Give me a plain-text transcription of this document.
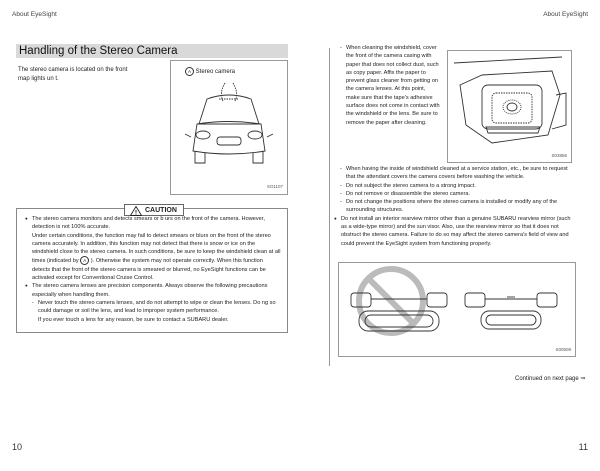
About EyeSight	About EyeSight
Handling of the Stereo Camera
The stereo camera is located on the front map lights un t.
A Stereo camera
SO1107
! CAUTION
● The stereo camera monitors and detects smears or b urs on the front of the camera. However, detection is not 100% accurate.
Under certain conditions, the function may fail to detect smears or blurs on the front of the stereo camera accurately. In addition, this function may not detect that there is snow or ice on the windshield close to the stereo camera. In such conditions, be sure to keep the windshield clean at all times (indicated by A ). Otherwise the system may not operate correctly. When this function detects that the front of the stereo camera is smeared or blurred, no EyeSight functions can be activated except for Conventional Cruise Control.
● The stereo camera lenses are precision components. Always observe the following precautions especially when handling them.
- Never touch the stereo camera lenses, and do not attempt to wipe or clean the lenses. Do ng so could damage or soil the lens, and lead to improper system performance.
If you ever touch a lens for any reason, be sure to contact a SUBARU dealer.
- When cleaning the windshield, cover the front of the camera casing with paper that does not collect dust, such as copy paper. Affix the paper to prevent glass cleaner from getting on the camera lenses. At this point, make sure that the tape's adhesive surface does not come in contact with the windshield or the lens. Be sure to remove the paper after cleaning.
S03856
- When having the inside of windshield cleaned at a service station, etc., be sure to request that the attendant covers the camera covers before washing the vehicle.
- Do not subject the stereo camera to a strong impact.
- Do not remove or disassemble the stereo camera.
- Do not change the positions where the stereo camera is installed or modify any of the surrounding structures.
● Do not install an interior rearview mirror other than a genuine SUBARU rearview mirror (such as a wide-type mirror) and the sun visor. Also, use the rearview mirror so that it does not obstruct the stereo camera. Failure to do so may affect the stereo camera's field of view and could prevent the EyeSight system from functioning properly.
S00509
Continued on next page ⇒
10	11
